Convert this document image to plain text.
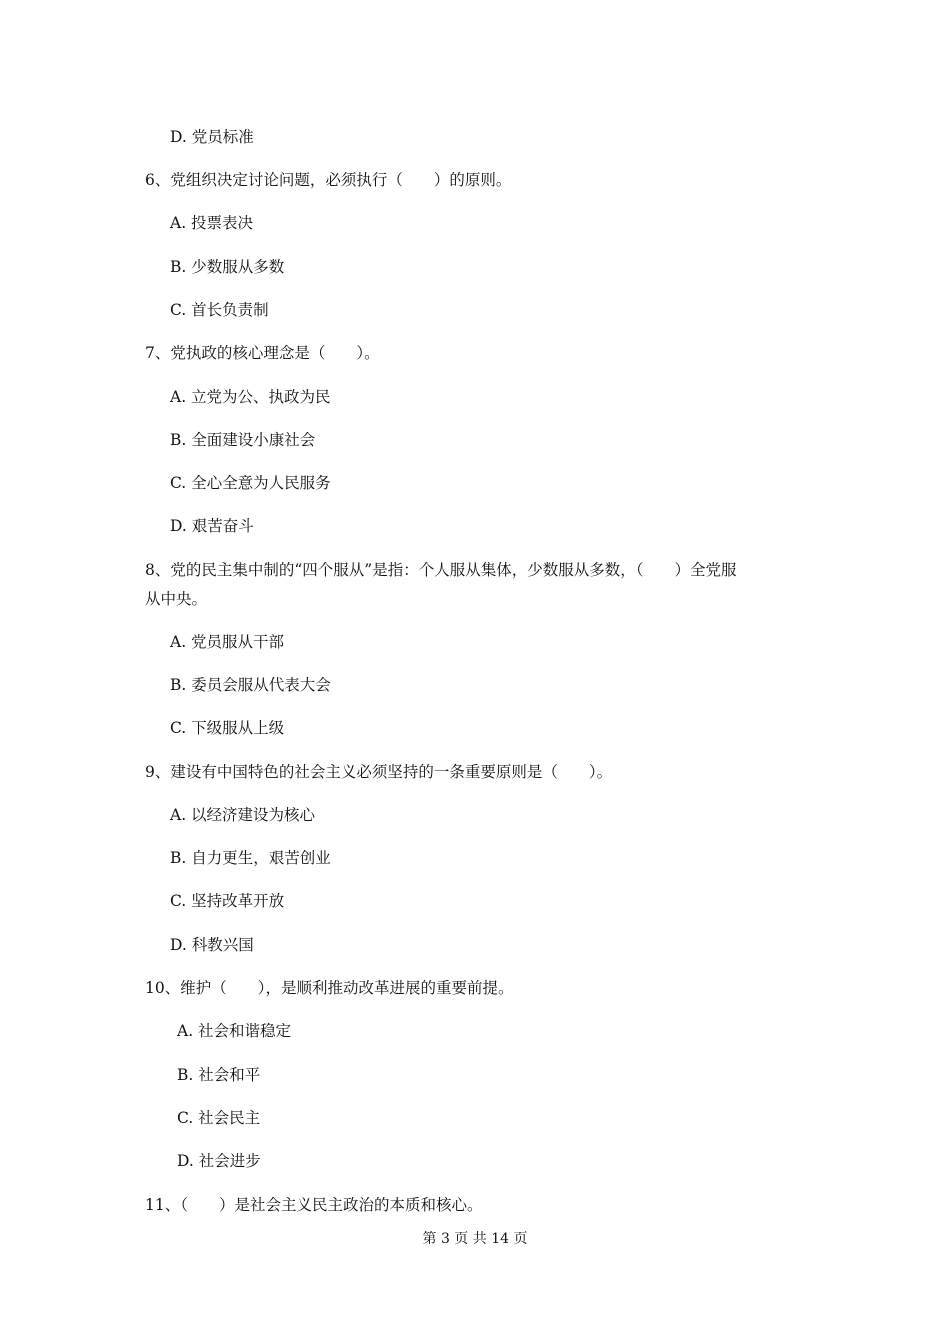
D. 党员标准
6、党组织决定讨论问题，必须执行（　　）的原则。
A. 投票表决
B. 少数服从多数
C. 首长负责制
7、党执政的核心理念是（　　）。
A. 立党为公、执政为民
B. 全面建设小康社会
C. 全心全意为人民服务
D. 艰苦奋斗
8、党的民主集中制的“四个服从”是指：个人服从集体，少数服从多数，（　　）全党服
从中央。
A. 党员服从干部
B. 委员会服从代表大会
C. 下级服从上级
9、建设有中国特色的社会主义必须坚持的一条重要原则是（　　）。
A. 以经济建设为核心
B. 自力更生，艰苦创业
C. 坚持改革开放
D. 科教兴国
10、维护（　　），是顺利推动改革进展的重要前提。
A. 社会和谐稳定
B. 社会和平
C. 社会民主
D. 社会进步
11、（　　）是社会主义民主政治的本质和核心。
第 3 页 共 14 页
